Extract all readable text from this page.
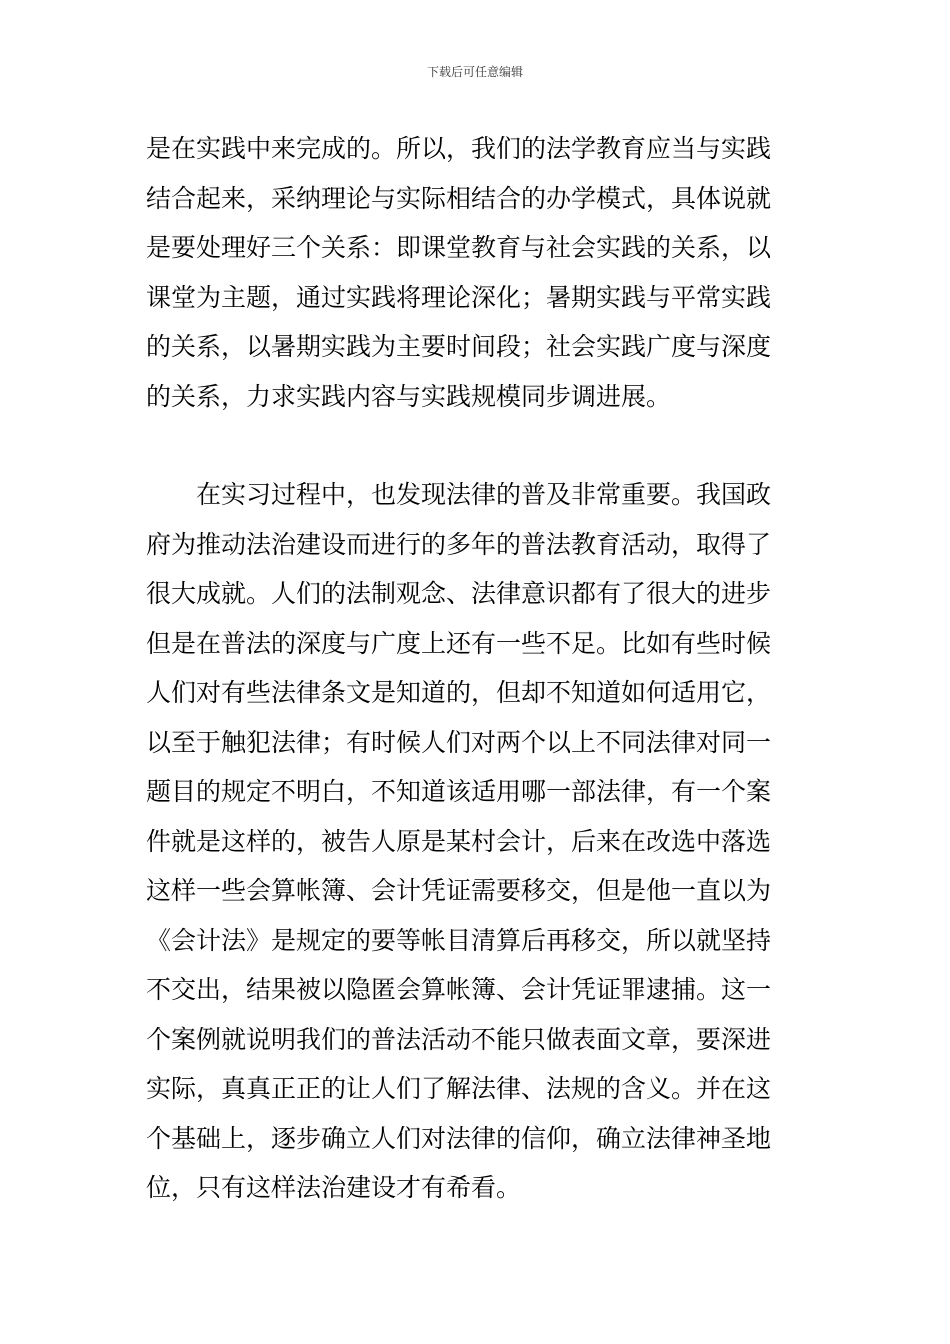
下载后可任意编辑
是在实践中来完成的。所以，我们的法学教育应当与实践
结合起来，采纳理论与实际相结合的办学模式，具体说就
是要处理好三个关系：即课堂教育与社会实践的关系，以
课堂为主题，通过实践将理论深化；暑期实践与平常实践
的关系，以暑期实践为主要时间段；社会实践广度与深度
的关系，力求实践内容与实践规模同步调进展。
在实习过程中，也发现法律的普及非常重要。我国政
府为推动法治建设而进行的多年的普法教育活动，取得了
很大成就。人们的法制观念、法律意识都有了很大的进步
但是在普法的深度与广度上还有一些不足。比如有些时候
人们对有些法律条文是知道的，但却不知道如何适用它，
以至于触犯法律；有时候人们对两个以上不同法律对同一
题目的规定不明白，不知道该适用哪一部法律，有一个案
件就是这样的，被告人原是某村会计，后来在改选中落选
这样一些会算帐簿、会计凭证需要移交，但是他一直以为
《会计法》是规定的要等帐目清算后再移交，所以就坚持
不交出，结果被以隐匿会算帐簿、会计凭证罪逮捕。这一
个案例就说明我们的普法活动不能只做表面文章，要深进
实际，真真正正的让人们了解法律、法规的含义。并在这
个基础上，逐步确立人们对法律的信仰，确立法律神圣地
位，只有这样法治建设才有希看。
